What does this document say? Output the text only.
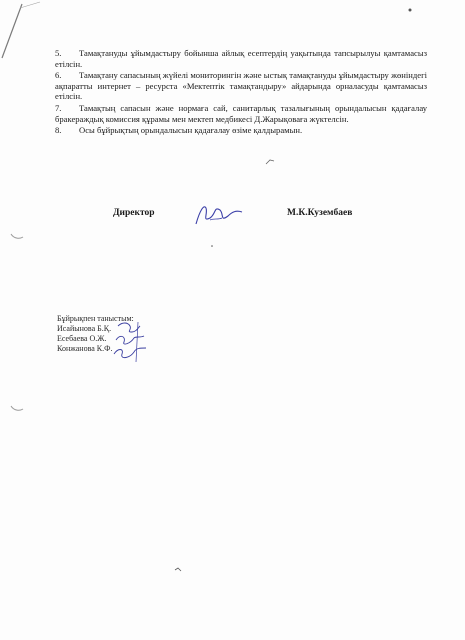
5. Тамақтануды ұйымдастыру бойынша айлық есептердің уақытында тапсырылуы қамтамасыз етілсін.

6. Тамақтану сапасының жүйелі мониторингін және ыстық тамақтануды ұйымдастыру жөніндегі ақпаратты интернет – ресурста «Мектептік тамақтандыру» айдарында орналасуды қамтамасыз етілсін.

7. Тамақтың сапасын және нормаға сай, санитарлық тазалығының орындалысын қадағалау бракераждық комиссия құрамы мен мектеп медбикесі Д.Жарықоваға жүктелсін.

8. Осы бұйрықтың орындалысын қадағалау өзіме қалдырамын.

Директор	М.К.Кузембаев
Бұйрықпен таныстым:
Исайынова Б.Қ.
Есебаева О.Ж.
Конжанова К.Ф.
